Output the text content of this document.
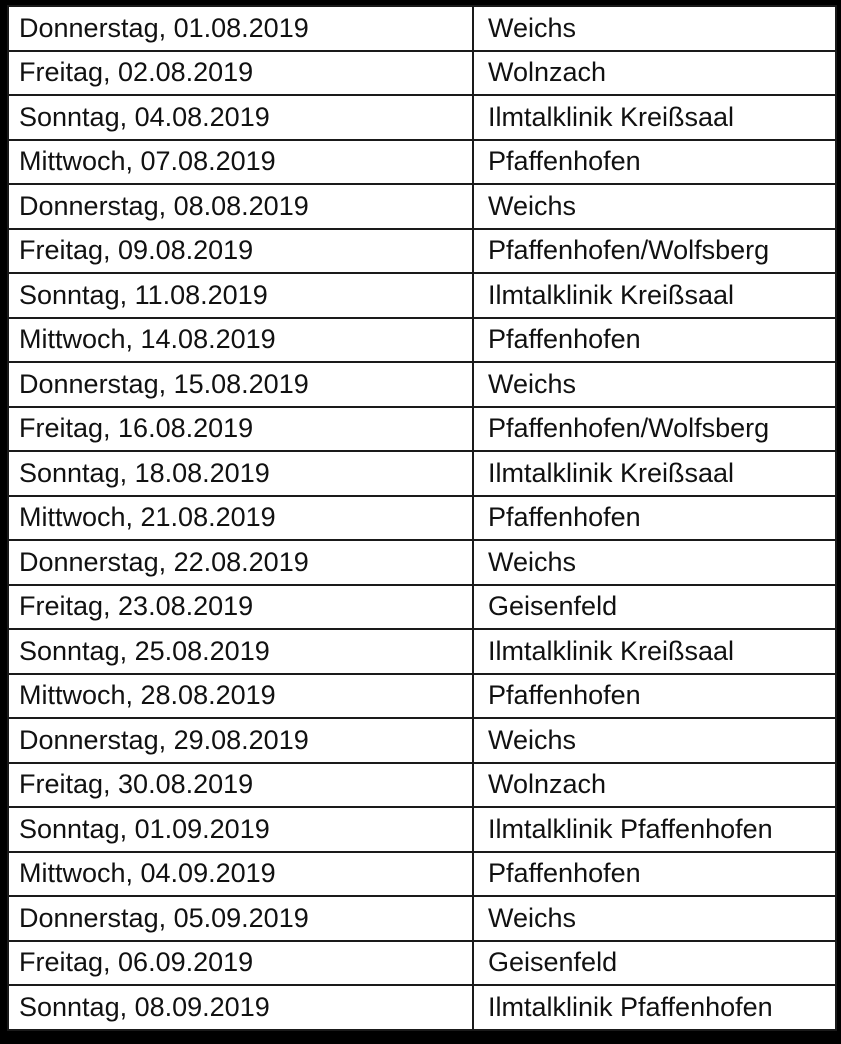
Donnerstag, 01.08.2019	Weichs
Freitag, 02.08.2019	Wolnzach
Sonntag, 04.08.2019	Ilmtalklinik Kreißsaal
Mittwoch, 07.08.2019	Pfaffenhofen
Donnerstag, 08.08.2019	Weichs
Freitag, 09.08.2019	Pfaffenhofen/Wolfsberg
Sonntag, 11.08.2019	Ilmtalklinik Kreißsaal
Mittwoch, 14.08.2019	Pfaffenhofen
Donnerstag, 15.08.2019	Weichs
Freitag, 16.08.2019	Pfaffenhofen/Wolfsberg
Sonntag, 18.08.2019	Ilmtalklinik Kreißsaal
Mittwoch, 21.08.2019	Pfaffenhofen
Donnerstag, 22.08.2019	Weichs
Freitag, 23.08.2019	Geisenfeld
Sonntag, 25.08.2019	Ilmtalklinik Kreißsaal
Mittwoch, 28.08.2019	Pfaffenhofen
Donnerstag, 29.08.2019	Weichs
Freitag, 30.08.2019	Wolnzach
Sonntag, 01.09.2019	Ilmtalklinik Pfaffenhofen
Mittwoch, 04.09.2019	Pfaffenhofen
Donnerstag, 05.09.2019	Weichs
Freitag, 06.09.2019	Geisenfeld
Sonntag, 08.09.2019	Ilmtalklinik Pfaffenhofen
